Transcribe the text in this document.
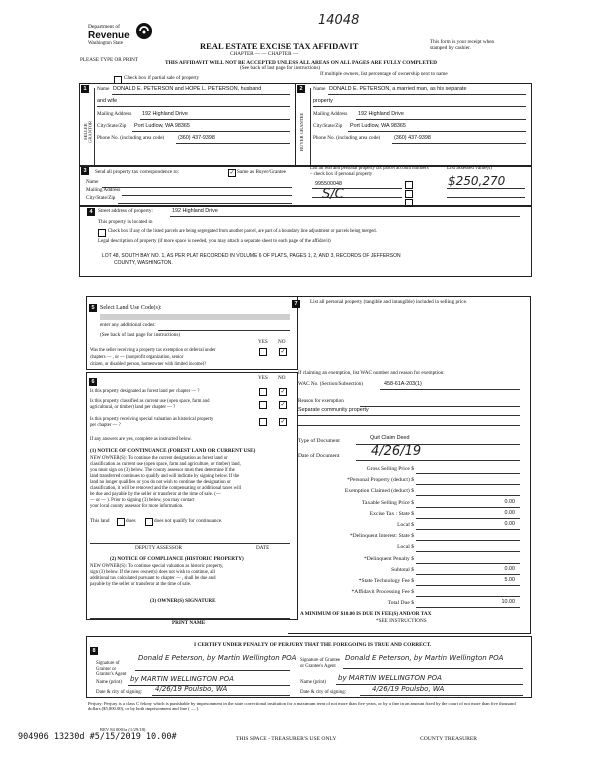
14048
Department of
Revenue
Washington State	REAL ESTATE EXCISE TAX AFFIDAVIT
CHAPTER — — CHAPTER —
PLEASE TYPE OR PRINT	THIS AFFIDAVIT WILL NOT BE ACCEPTED UNLESS ALL AREAS ON ALL PAGES ARE FULLY COMPLETED
(See back of last page for instructions)
This form is your receipt when stamped by cashier.
Check box if partial sale of property
If multiple owners, list percentage of ownership next to name
1
SELLER GRANTOR
Name DONALD E. PETERSON and HOPE L. PETERSON, husband
and wife
Mailing Address 192 Highland Drive
City/State/Zip Port Ludlow, WA 98365
Phone No. (including area code)	(360) 437-9398
2
BUYER GRANTEE
Name DONALD E. PETERSON, a married man, as his separate
property
Mailing Address 192 Highland Drive
City/State/Zip Port Ludlow, WA 98365
Phone No. (including area code)	(360) 437-9398
3	Send all property tax correspondence to:	✓ Same as Buyer/Grantee
Name
Mailing Address
City/State/Zip
List all real and personal property tax parcel account numbers – check box if personal property
List assessed value(s)
995500048	$250,270
S/C
4	Street address of property:	192 Highland Drive
This property is located in
Check box if any of the listed parcels are being segregated from another parcel, are part of a boundary line adjustment or parcels being merged.
Legal description of property (if more space is needed, you may attach a separate sheet to each page of the affidavit)
LOT 48, SOUTH BAY NO. 1, AS PER PLAT RECORDED IN VOLUME 6 OF PLATS, PAGES 1, 2, AND 3, RECORDS OF JEFFERSON
COUNTY, WASHINGTON.
5 Select Land Use Code(s):
enter any additional codes:
(See back of last page for instructions)
YES NO
Was the seller receiving a property tax exemption or deferral under
chapters — , or — (nonprofit organization, senior
citizen, or disabled person, homeowner with limited income)?
✓
6
YES NO
Is this property designated as forest land per chapter — ?	✓
Is this property classified as current use (open space, farm and
agricultural, or timber) land per chapter — ?	✓
Is this property receiving special valuation as historical property
per chapter — ?
✓
If any answers are yes, complete as instructed below.
(1) NOTICE OF CONTINUANCE (FOREST LAND OR CURRENT USE)
NEW OWNER(S): To continue the current designation as forest land or
classification as current use (open space, farm and agriculture, or timber) land,
you must sign on (3) below. The county assessor must then determine if the
land transferred continues to qualify and will indicate by signing below. If the
land no longer qualifies or you do not wish to continue the designation or
classification, it will be removed and the compensating or additional taxes will
be due and payable by the seller or transferor at the time of sale. (—
— or — ). Prior to signing (3) below, you may contact
your local county assessor for more information.
This land	does	does not qualify for continuance.
DEPUTY ASSESSOR	DATE
(2) NOTICE OF COMPLIANCE (HISTORIC PROPERTY)
NEW OWNER(S): To continue special valuation as historic property,
sign (3) below. If the new owner(s) does not wish to continue, all
additional tax calculated pursuant to chapter — , shall be due and
payable by the seller or transferor at the time of sale.
(3) OWNER(S) SIGNATURE
PRINT NAME
7	List all personal property (tangible and intangible) included in selling price.
If claiming an exemption, list WAC number and reason for exemption:
WAC No. (Section/Subsection)	458-61A-203(1)
Reason for exemption
Separate community property
Type of Document	Quit Claim Deed
Date of Document 4/26/19
Gross Selling Price $
*Personal Property (deduct) $
Exemption Claimed (deduct) $
Taxable Selling Price $	0.00
Excise Tax : State $	0.00
Local $	0.00
*Delinquent Interest: State $
Local $
*Delinquent Penalty $
Subtotal $	0.00
*State Technology Fee $	5.00
*Affidavit Processing Fee $
Total Due $	10.00
A MINIMUM OF $10.00 IS DUE IN FEE(S) AND/OR TAX
*SEE INSTRUCTIONS
8
I CERTIFY UNDER PENALTY OF PERJURY THAT THE FOREGOING IS TRUE AND CORRECT.
Signature of Grantor or Grantor's Agent
Donald E Peterson, by Martin Wellington POA
Name (print) by MARTIN WELLINGTON POA
Date & city of signing: 4/26/19 Poulsbo, WA
Signature of Grantee or Grantee's Agent
Donald E Peterson, by Martin Wellington POA
Name (print)
by MARTIN WELLINGTON POA
Date & city of signing:	4/26/19 Poulsbo, WA
Perjury: Perjury is a class C felony which is punishable by imprisonment in the state correctional institution for a maximum term of not more than five years, or by a fine in an amount fixed by the court of not more than five thousand dollars ($5,000.00), or by both imprisonment and fine ( — ).
REV 84 0001a (1/29/18)
904906 13230d #5/15/2019 10.00#	THIS SPACE - TREASURER'S USE ONLY	COUNTY TREASURER
